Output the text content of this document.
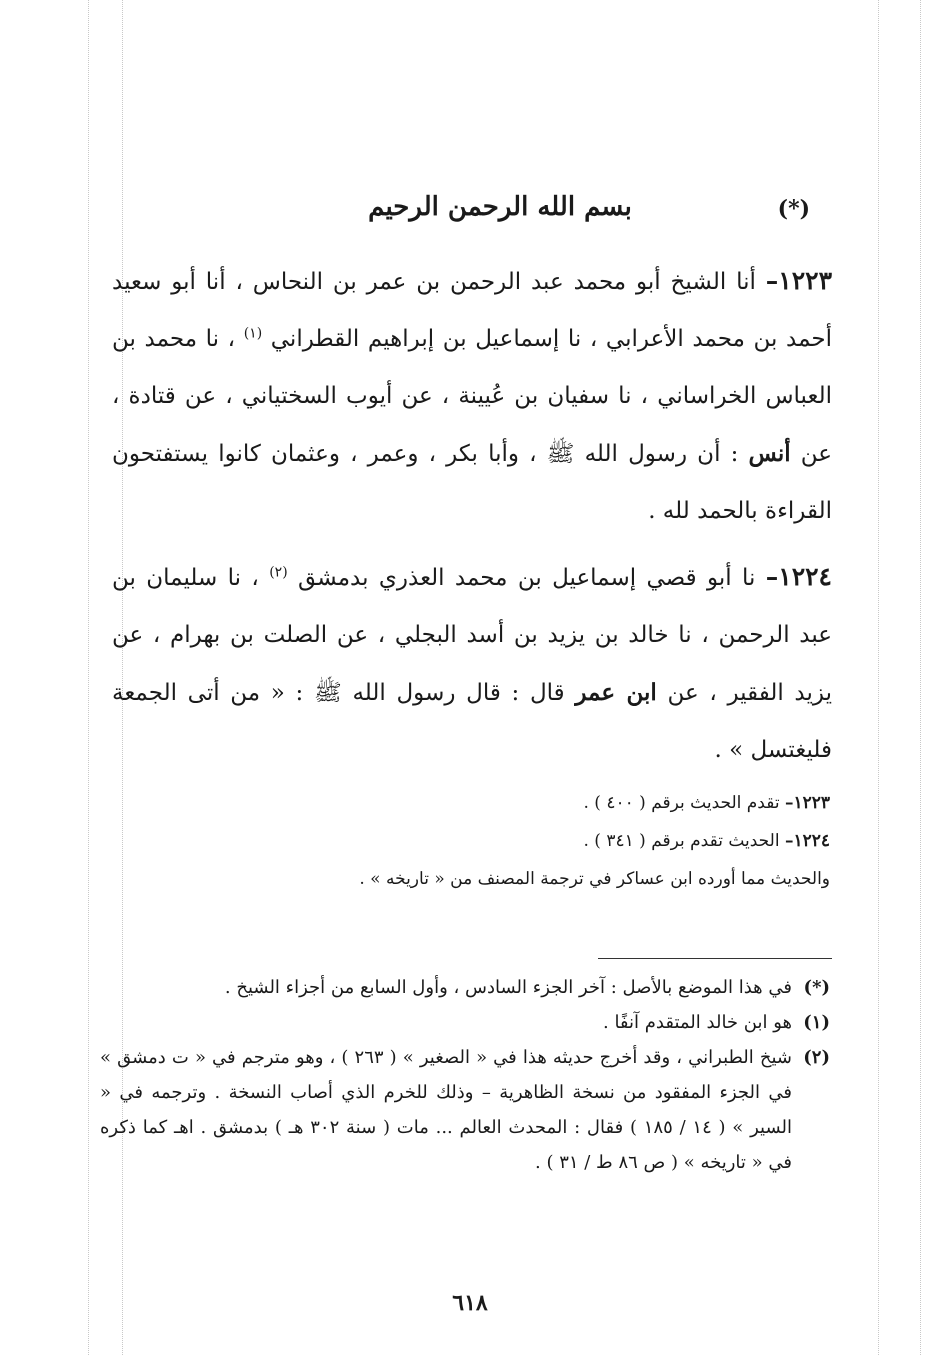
بسم الله الرحمن الرحيم	(*)

١٢٢٣– أنا الشيخ أبو محمد عبد الرحمن بن عمر بن النحاس ، أنا أبو سعيد أحمد بن محمد الأعرابي ، نا إسماعيل بن إبراهيم القطراني $^{(١)}$ ، نا محمد بن العباس الخراساني ، نا سفيان بن عُيينة ، عن أيوب السختياني ، عن قتادة ، عن أنس : أن رسول الله ﷺ ، وأبا بكر ، وعمر ، وعثمان كانوا يستفتحون القراءة بالحمد لله .

١٢٢٤– نا أبو قصي إسماعيل بن محمد العذري بدمشق $^{(٢)}$ ، نا سليمان بن عبد الرحمن ، نا خالد بن يزيد بن أسد البجلي ، عن الصلت بن بهرام ، عن يزيد الفقير ، عن ابن عمر قال : قال رسول الله ﷺ : « من أتى الجمعة فليغتسل » .

١٢٢٣– تقدم الحديث برقم ( ٤٠٠ ) .
١٢٢٤– الحديث تقدم برقم ( ٣٤١ ) .
والحديث مما أورده ابن عساكر في ترجمة المصنف من « تاريخه » .
(*)
في هذا الموضع بالأصل : آخر الجزء السادس ، وأول السابع من أجزاء الشيخ .
(١)
هو ابن خالد المتقدم آنفًا .
(٢)
شيخ الطبراني ، وقد أخرج حديثه هذا في « الصغير » ( ٢٦٣ ) ، وهو مترجم في « ت دمشق » في الجزء المفقود من نسخة الظاهرية – وذلك للخرم الذي أصاب النسخة . وترجمه في « السير » ( ١٤ / ١٨٥ ) فقال : المحدث العالم ... مات ( سنة ٣٠٢ هـ ) بدمشق . اهـ كما ذكره في « تاريخه » ( ص ٨٦ ط / ٣١ ) .
٦١٨
